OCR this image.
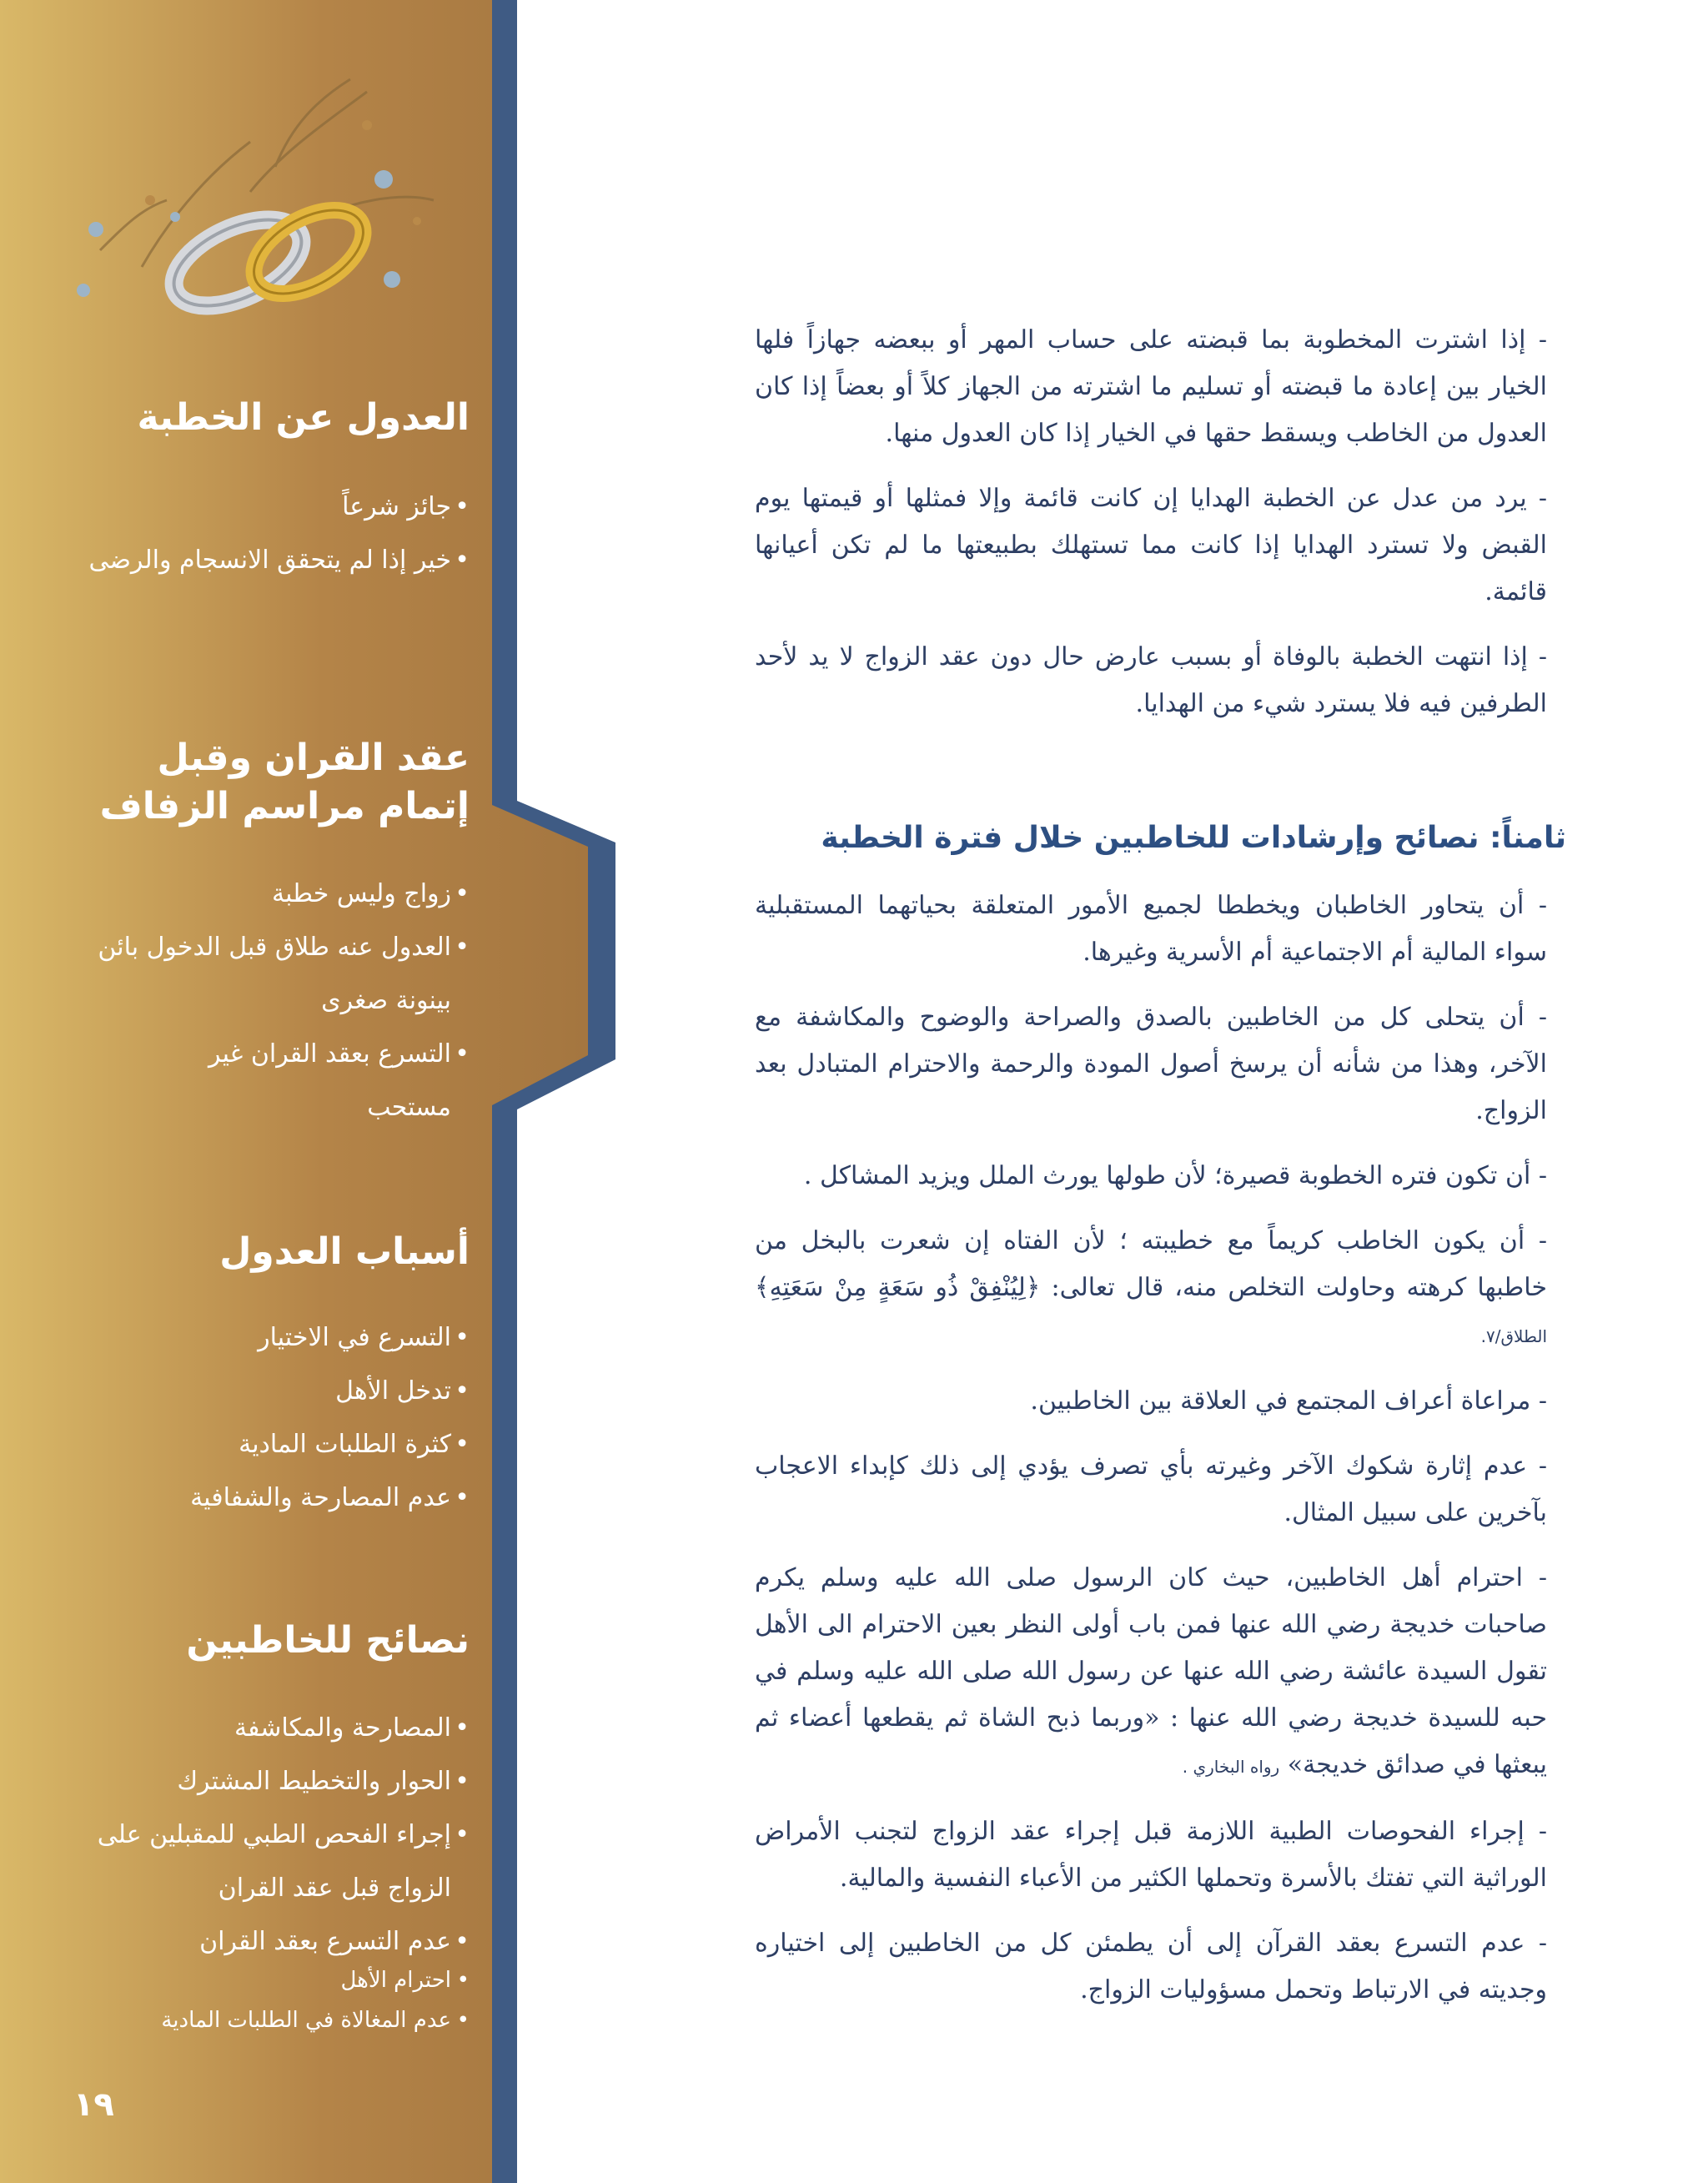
العدول عن الخطبة
• جائز شرعاً
• خير إذا لم يتحقق الانسجام والرضى
عقد القران وقبل
إتمام مراسم الزفاف
• زواج وليس خطبة
• العدول عنه طلاق قبل الدخول بائن بينونة صغرى
• التسرع بعقد القران غير مستحب
أسباب العدول
• التسرع في الاختيار
• تدخل الأهل
• كثرة الطلبات المادية
• عدم المصارحة والشفافية
نصائح للخاطبين
• المصارحة والمكاشفة
• الحوار والتخطيط المشترك
• إجراء الفحص الطبي للمقبلين على الزواج قبل عقد القران
• عدم التسرع بعقد القران
• احترام الأهل
• عدم المغالاة في الطلبات المادية
١٩

- إذا اشترت المخطوبة بما قبضته على حساب المهر أو ببعضه جهازاً فلها الخيار بين إعادة ما قبضته أو تسليم ما اشترته من الجهاز كلاً أو بعضاً إذا كان العدول من الخاطب ويسقط حقها في الخيار إذا كان العدول منها.

- يرد من عدل عن الخطبة الهدايا إن كانت قائمة وإلا فمثلها أو قيمتها يوم القبض ولا تسترد الهدايا إذا كانت مما تستهلك بطبيعتها ما لم تكن أعيانها قائمة.

- إذا انتهت الخطبة بالوفاة أو بسبب عارض حال دون عقد الزواج لا يد لأحد الطرفين فيه فلا يسترد شيء من الهدايا.

ثامناً: نصائح وإرشادات للخاطبين خلال فترة الخطبة

- أن يتحاور الخاطبان ويخططا لجميع الأمور المتعلقة بحياتهما المستقبلية سواء المالية أم الاجتماعية أم الأسرية وغيرها.

- أن يتحلى كل من الخاطبين بالصدق والصراحة والوضوح والمكاشفة مع الآخر، وهذا من شأنه أن يرسخ أصول المودة والرحمة والاحترام المتبادل بعد الزواج.

- أن تكون فتره الخطوبة قصيرة؛ لأن طولها يورث الملل ويزيد المشاكل .

- أن يكون الخاطب كريماً مع خطيبته ؛ لأن الفتاه إن شعرت بالبخل من خاطبها كرهته وحاولت التخلص منه، قال تعالى: ﴿لِيُنْفِقْ ذُو سَعَةٍ مِنْ سَعَتِهِ﴾ الطلاق/٧.

- مراعاة أعراف المجتمع في العلاقة بين الخاطبين.

- عدم إثارة شكوك الآخر وغيرته بأي تصرف يؤدي إلى ذلك كإبداء الاعجاب بآخرين على سبيل المثال.

- احترام أهل الخاطبين، حيث كان الرسول صلى الله عليه وسلم يكرم صاحبات خديجة رضي الله عنها فمن باب أولى النظر بعين الاحترام الى الأهل تقول السيدة عائشة رضي الله عنها عن رسول الله صلى الله عليه وسلم في حبه للسيدة خديجة رضي الله عنها : «وربما ذبح الشاة ثم يقطعها أعضاء ثم يبعثها في صدائق خديجة» رواه البخاري .

- إجراء الفحوصات الطبية اللازمة قبل إجراء عقد الزواج لتجنب الأمراض الوراثية التي تفتك بالأسرة وتحملها الكثير من الأعباء النفسية والمالية.

- عدم التسرع بعقد القرآن إلى أن يطمئن كل من الخاطبين إلى اختياره وجديته في الارتباط وتحمل مسؤوليات الزواج.
